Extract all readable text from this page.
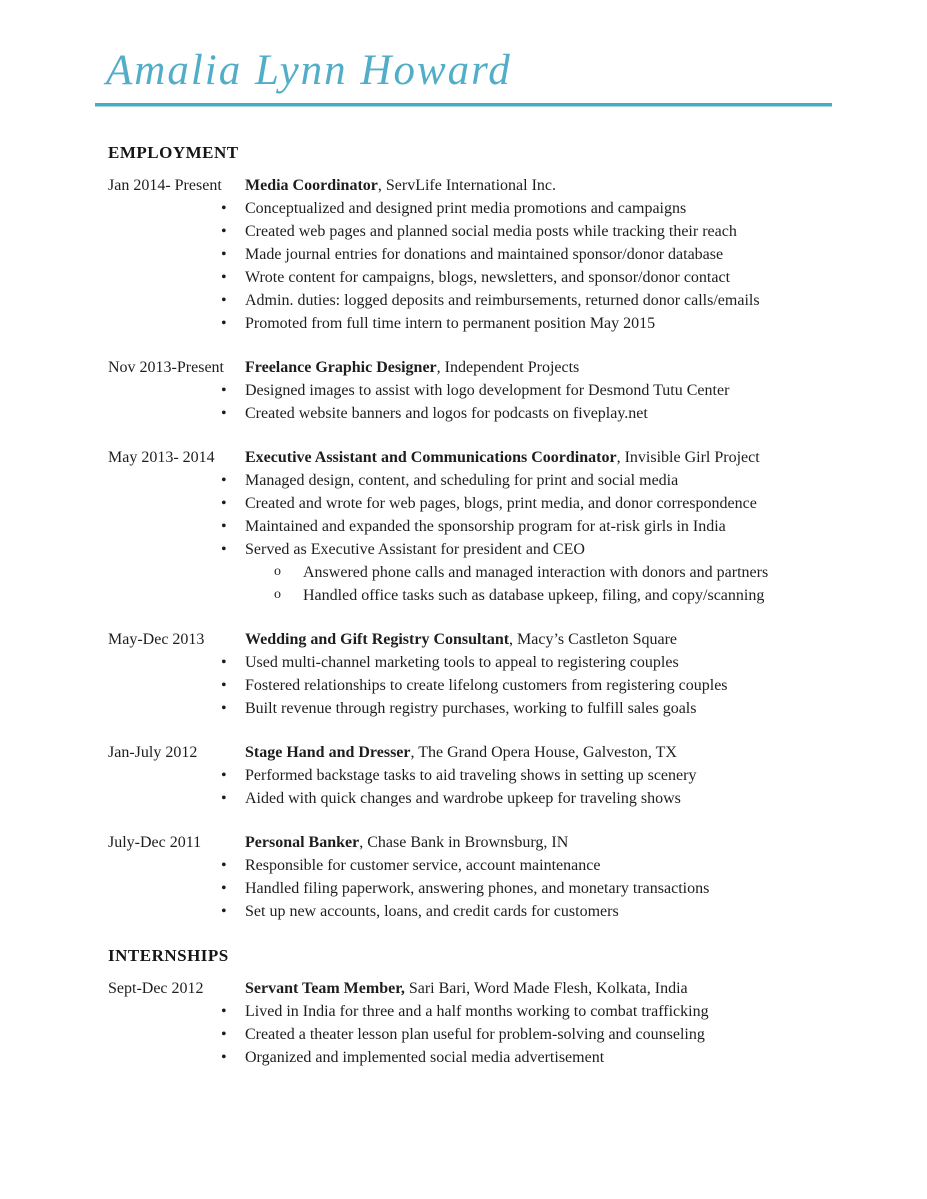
Amalia Lynn Howard
EMPLOYMENT

Jan 2014- Present Media Coordinator, ServLife International Inc.

• Conceptualized and designed print media promotions and campaigns
• Created web pages and planned social media posts while tracking their reach
• Made journal entries for donations and maintained sponsor/donor database
• Wrote content for campaigns, blogs, newsletters, and sponsor/donor contact
• Admin. duties: logged deposits and reimbursements, returned donor calls/emails
• Promoted from full time intern to permanent position May 2015

Nov 2013-Present Freelance Graphic Designer, Independent Projects

• Designed images to assist with logo development for Desmond Tutu Center
• Created website banners and logos for podcasts on fiveplay.net

May 2013- 2014 Executive Assistant and Communications Coordinator, Invisible Girl Project

• Managed design, content, and scheduling for print and social media
• Created and wrote for web pages, blogs, print media, and donor correspondence
• Maintained and expanded the sponsorship program for at-risk girls in India
• Served as Executive Assistant for president and CEO
o Answered phone calls and managed interaction with donors and partners
o Handled office tasks such as database upkeep, filing, and copy/scanning

May-Dec 2013	Wedding and Gift Registry Consultant, Macy’s Castleton Square

• Used multi-channel marketing tools to appeal to registering couples
• Fostered relationships to create lifelong customers from registering couples
• Built revenue through registry purchases, working to fulfill sales goals

Jan-July 2012	Stage Hand and Dresser, The Grand Opera House, Galveston, TX

• Performed backstage tasks to aid traveling shows in setting up scenery
• Aided with quick changes and wardrobe upkeep for traveling shows

July-Dec 2011	Personal Banker, Chase Bank in Brownsburg, IN

• Responsible for customer service, account maintenance
• Handled filing paperwork, answering phones, and monetary transactions
• Set up new accounts, loans, and credit cards for customers
INTERNSHIPS

Sept-Dec 2012	Servant Team Member, Sari Bari, Word Made Flesh, Kolkata, India

• Lived in India for three and a half months working to combat trafficking
• Created a theater lesson plan useful for problem-solving and counseling
• Organized and implemented social media advertisement
